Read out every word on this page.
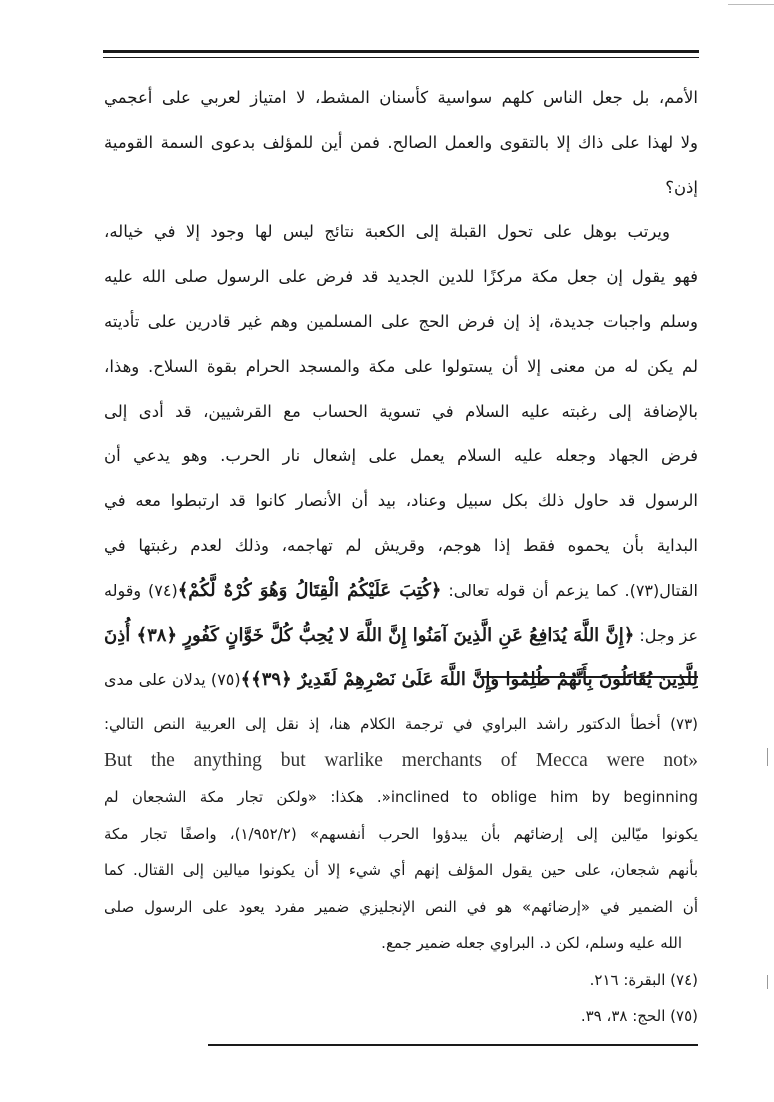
الأمم، بل جعل الناس كلهم سواسية كأسنان المشط، لا امتياز لعربي على أعجمي
ولا لهذا على ذاك إلا بالتقوى والعمل الصالح. فمن أين للمؤلف بدعوى السمة القومية
إذن؟
ويرتب بوهل على تحول القبلة إلى الكعبة نتائج ليس لها وجود إلا في خياله،
فهو يقول إن جعل مكة مركزًا للدين الجديد قد فرض على الرسول صلى الله عليه
وسلم واجبات جديدة، إذ إن فرض الحج على المسلمين وهم غير قادرين على تأديته
لم يكن له من معنى إلا أن يستولوا على مكة والمسجد الحرام بقوة السلاح. وهذا،
بالإضافة إلى رغبته عليه السلام في تسوية الحساب مع القرشيين، قد أدى إلى
فرض الجهاد وجعله عليه السلام يعمل على إشعال نار الحرب. وهو يدعي أن
الرسول قد حاول ذلك بكل سبيل وعناد، بيد أن الأنصار كانوا قد ارتبطوا معه في
البداية بأن يحموه فقط إذا هوجم، وقريش لم تهاجمه، وذلك لعدم رغبتها في
القتال(٧٣). كما يزعم أن قوله تعالى: ﴿كُتِبَ عَلَيْكُمُ الْقِتَالُ وَهُوَ كُرْهٌ لَّكُمْ﴾(٧٤) وقوله
عز وجل: ﴿إِنَّ اللَّهَ يُدَافِعُ عَنِ الَّذِينَ آمَنُوا إِنَّ اللَّهَ لا يُحِبُّ كُلَّ خَوَّانٍ كَفُورٍ ﴿٣٨﴾ أُذِنَ
لِلَّذِينَ يُقَاتَلُونَ بِأَنَّهُمْ ظُلِمُوا وَإِنَّ اللَّهَ عَلَىٰ نَصْرِهِمْ لَقَدِيرٌ ﴿٣٩﴾﴾(٧٥) يدلان على مدى
(٧٣) أخطأ الدكتور راشد البراوي في ترجمة الكلام هنا، إذ نقل إلى العربية النص التالي:
But the anything but warlike merchants of Mecca were not»
inclined to oblige him by beginning«. هكذا: «ولكن تجار مكة الشجعان لم
يكونوا ميّالين إلى إرضائهم بأن يبدؤوا الحرب أنفسهم» (١/٩٥٢/٢)، واصفًا تجار مكة
بأنهم شجعان، على حين يقول المؤلف إنهم أي شيء إلا أن يكونوا ميالين إلى القتال. كما
أن الضمير في «إرضائهم» هو في النص الإنجليزي ضمير مفرد يعود على الرسول صلى
الله عليه وسلم، لكن د. البراوي جعله ضمير جمع.
(٧٤) البقرة: ٢١٦.
(٧٥) الحج: ٣٨، ٣٩.
